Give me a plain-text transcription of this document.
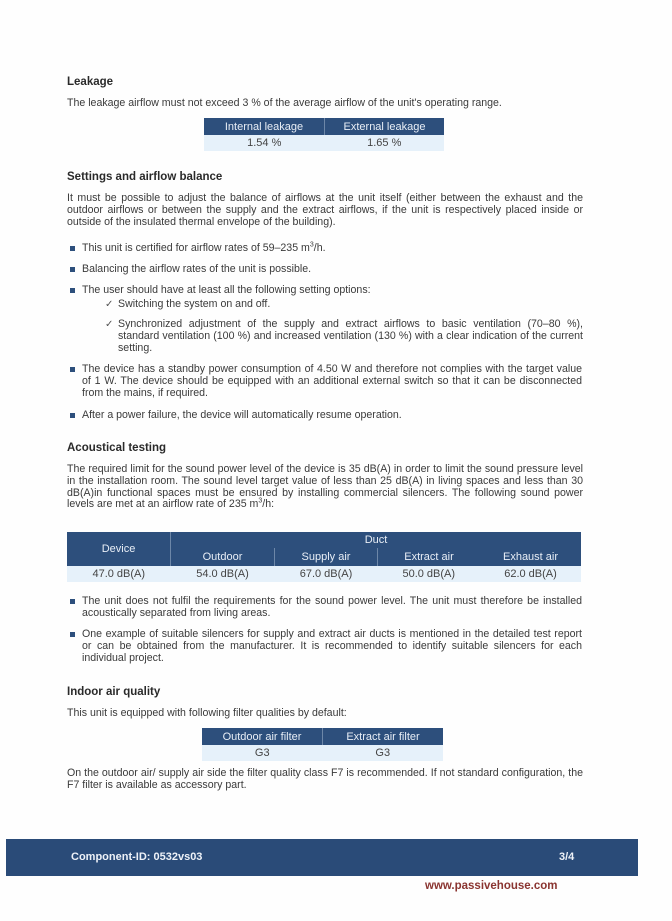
Leakage

The leakage airflow must not exceed 3 % of the average airflow of the unit's operating range.

Internal leakage	External leakage
1.54 %	1.65 %
Settings and airflow balance

It must be possible to adjust the balance of airflows at the unit itself (either between the exhaust and the outdoor airflows or between the supply and the extract airflows, if the unit is respectively placed inside or outside of the insulated thermal envelope of the building).

This unit is certified for airflow rates of 59–235 $m^3/h$.
Balancing the airflow rates of the unit is possible.
The user should have at least all the following setting options:
✓ Switching the system on and off.
✓ Synchronized adjustment of the supply and extract airflows to basic ventilation (70–80 %), standard ventilation (100 %) and increased ventilation (130 %) with a clear indication of the current setting.
The device has a standby power consumption of 4.50 W and therefore not complies with the target value of 1 W. The device should be equipped with an additional external switch so that it can be disconnected from the mains, if required.
After a power failure, the device will automatically resume operation.
Acoustical testing

The required limit for the sound power level of the device is 35 dB(A) in order to limit the sound pressure level in the installation room. The sound level target value of less than 25 dB(A) in living spaces and less than 30 dB(A)in functional spaces must be ensured by installing commercial silencers. The following sound power levels are met at an airflow rate of 235 $m^3/h$:

Device	Duct			
	Outdoor	Supply air	Extract air	Exhaust air
47.0 dB(A)	54.0 dB(A)	67.0 dB(A)	50.0 dB(A)	62.0 dB(A)
The unit does not fulfil the requirements for the sound power level. The unit must therefore be installed acoustically separated from living areas.
One example of suitable silencers for supply and extract air ducts is mentioned in the detailed test report or can be obtained from the manufacturer. It is recommended to identify suitable silencers for each individual project.
Indoor air quality

This unit is equipped with following filter qualities by default:

Outdoor air filter	Extract air filter
G3	G3

On the outdoor air/ supply air side the filter quality class F7 is recommended. If not standard configuration, the F7 filter is available as accessory part.

Component-ID: 0532vs03	3/4
www.passivehouse.com
